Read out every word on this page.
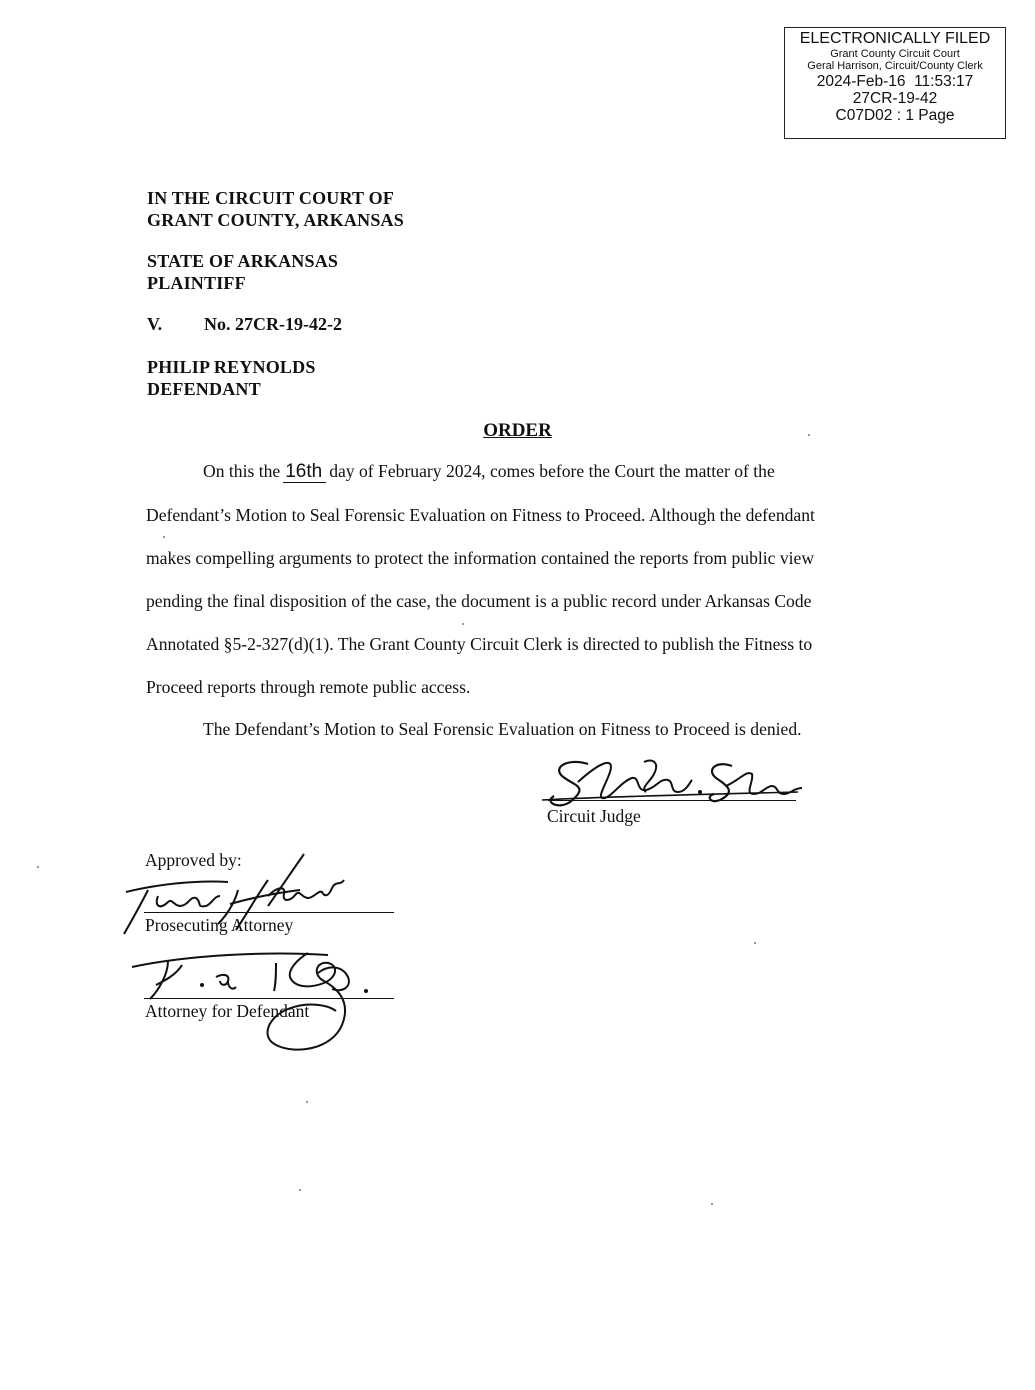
ELECTRONICALLY FILED
Grant County Circuit Court
Geral Harrison, Circuit/County Clerk
2024-Feb-16  11:53:17
27CR-19-42
C07D02 : 1 Page
IN THE CIRCUIT COURT OF
GRANT COUNTY, ARKANSAS
STATE OF ARKANSAS
PLAINTIFF
V. No. 27CR-19-42-2
PHILIP REYNOLDS
DEFENDANT
ORDER
On this the 16th day of February 2024, comes before the Court the matter of the
Defendant’s Motion to Seal Forensic Evaluation on Fitness to Proceed. Although the defendant
makes compelling arguments to protect the information contained the reports from public view
pending the final disposition of the case, the document is a public record under Arkansas Code
Annotated §5-2-327(d)(1). The Grant County Circuit Clerk is directed to publish the Fitness to
Proceed reports through remote public access.
The Defendant’s Motion to Seal Forensic Evaluation on Fitness to Proceed is denied.
Circuit Judge
Approved by:
Prosecuting Attorney
Attorney for Defendant
